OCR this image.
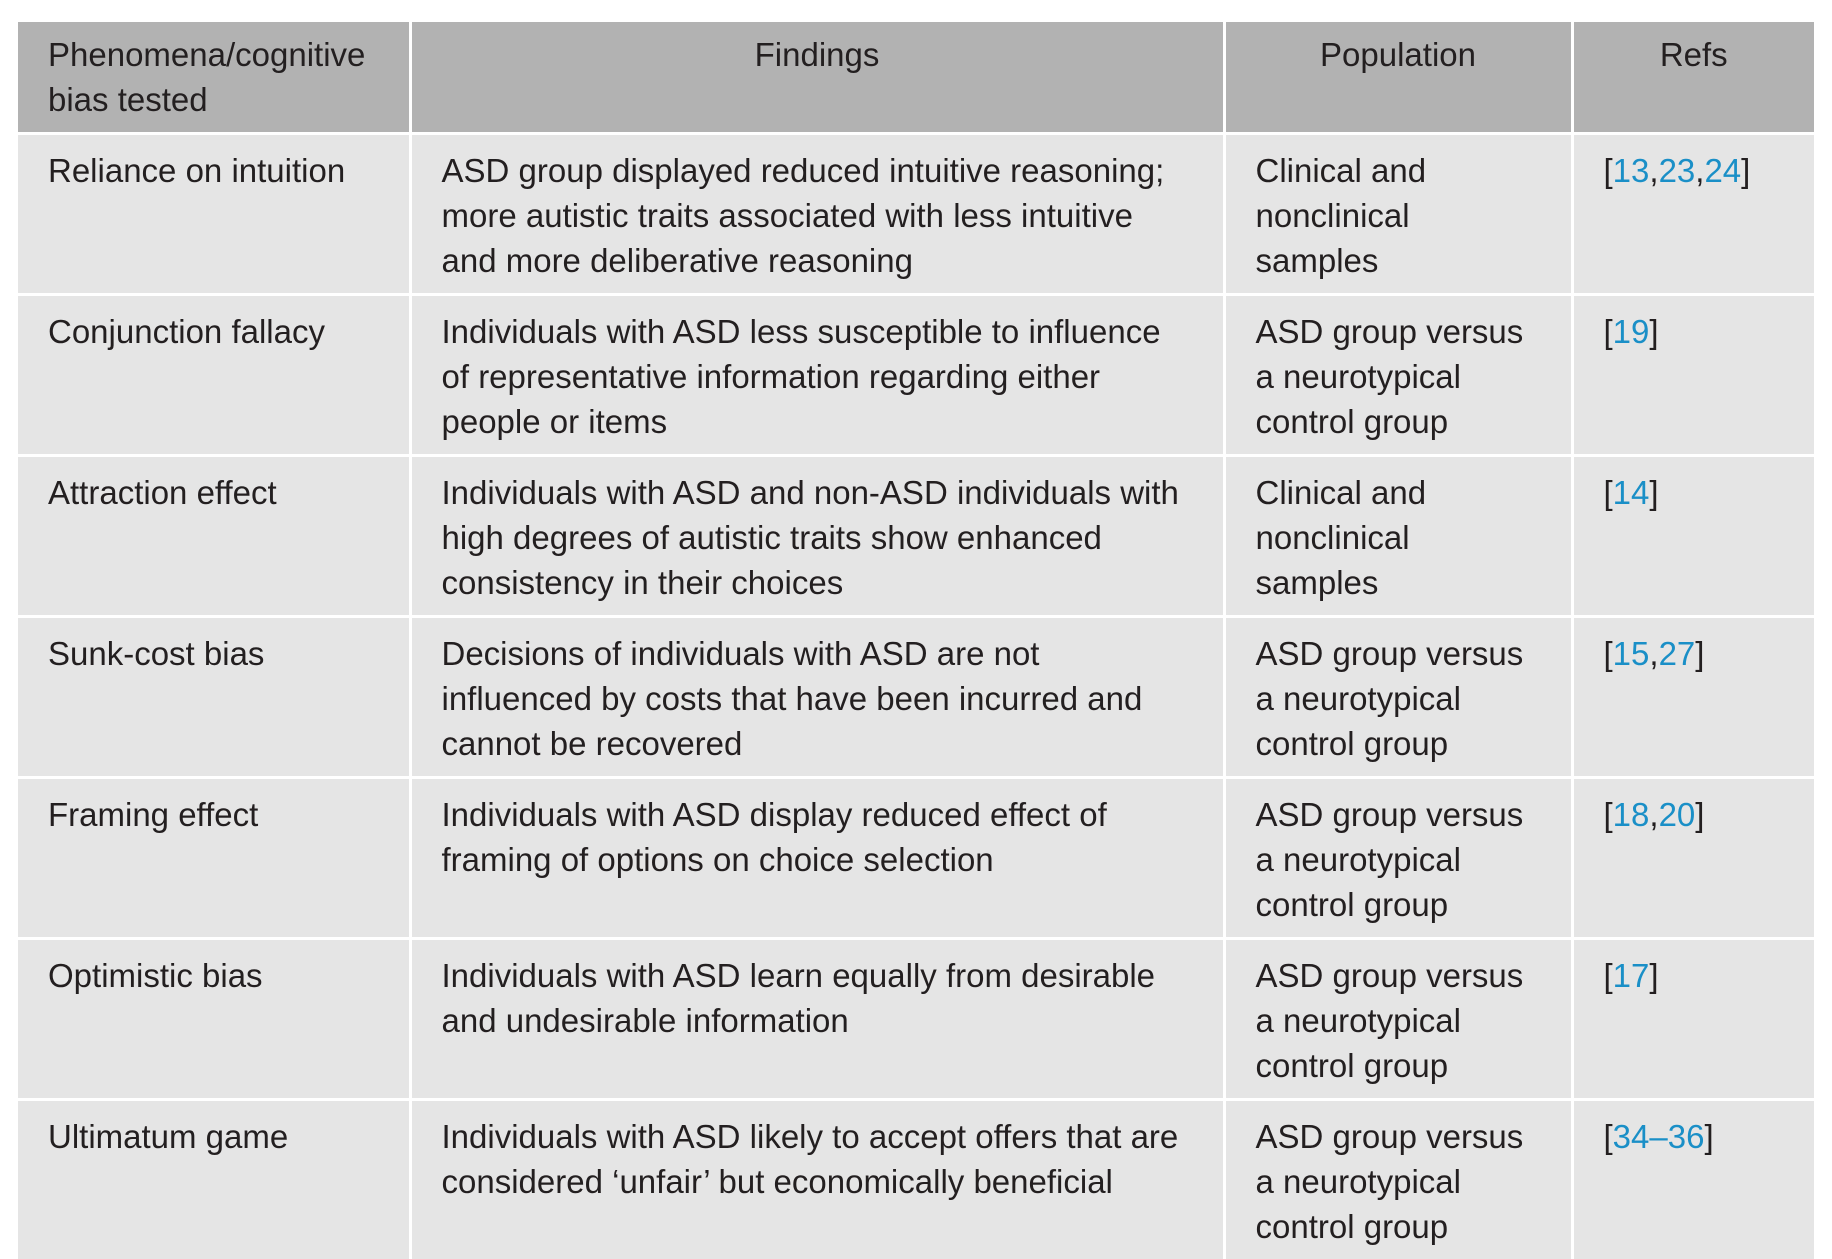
Phenomena/cognitive bias tested	Findings	Population	Refs
Reliance on intuition	ASD group displayed reduced intuitive reasoning; more autistic traits associated with less intuitive and more deliberative reasoning	Clinical and nonclinical samples	[13,23,24]
Conjunction fallacy	Individuals with ASD less susceptible to influence of representative information regarding either people or items	ASD group versus a neurotypical control group	[19]
Attraction effect	Individuals with ASD and non-ASD individuals with high degrees of autistic traits show enhanced consistency in their choices	Clinical and nonclinical samples	[14]
Sunk-cost bias	Decisions of individuals with ASD are not influenced by costs that have been incurred and cannot be recovered	ASD group versus a neurotypical control group	[15,27]
Framing effect	Individuals with ASD display reduced effect of framing of options on choice selection	ASD group versus a neurotypical control group	[18,20]
Optimistic bias	Individuals with ASD learn equally from desirable and undesirable information	ASD group versus a neurotypical control group	[17]
Ultimatum game	Individuals with ASD likely to accept offers that are considered ‘unfair’ but economically beneficial	ASD group versus a neurotypical control group	[34–36]
